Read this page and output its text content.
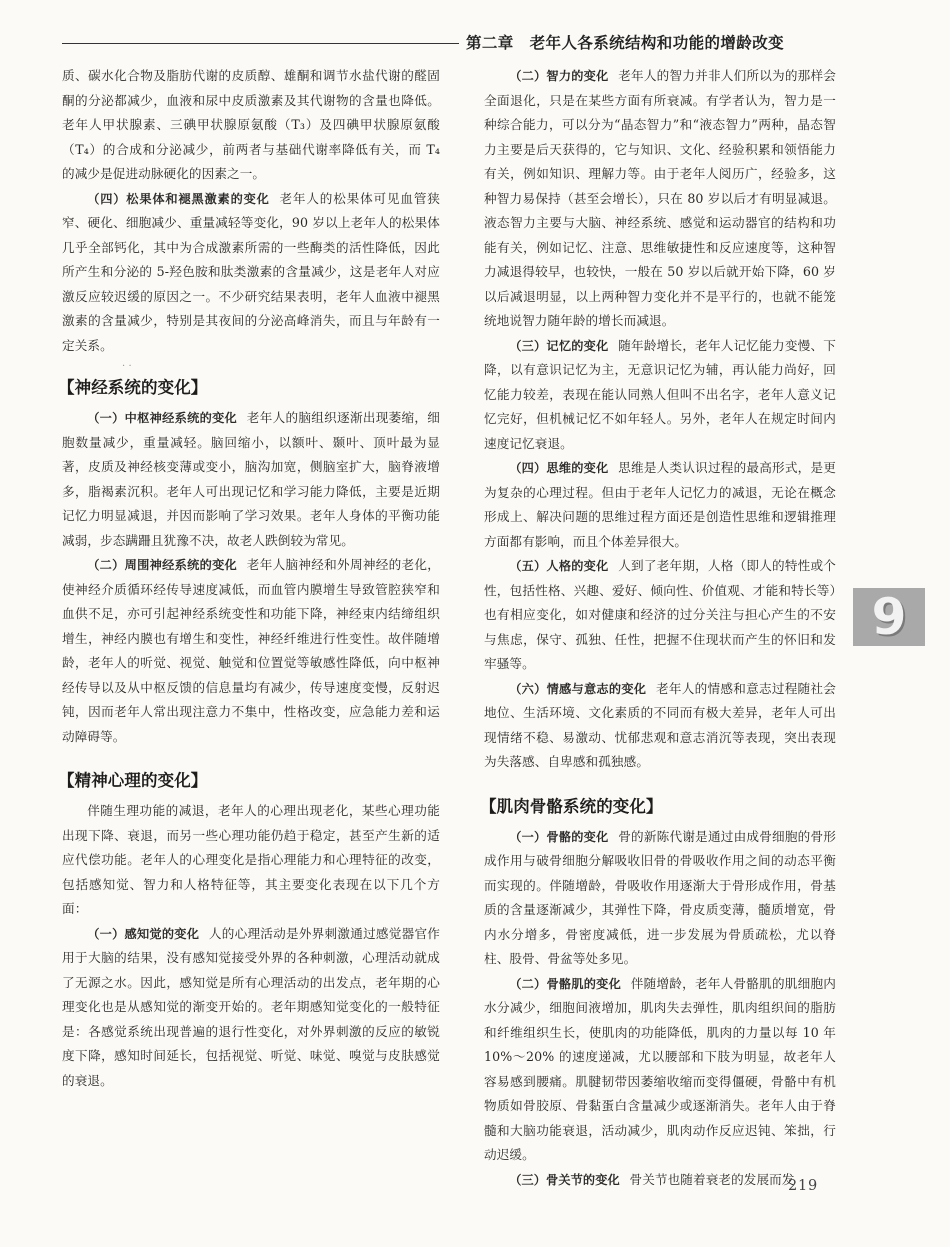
第二章　老年人各系统结构和功能的增龄改变

质、碳水化合物及脂肪代谢的皮质醇、雄酮和调节水盐代谢的醛固酮的分泌都减少，血液和尿中皮质激素及其代谢物的含量也降低。老年人甲状腺素、三碘甲状腺原氨酸（T₃）及四碘甲状腺原氨酸（T₄）的合成和分泌减少，前两者与基础代谢率降低有关，而 T₄ 的减少是促进动脉硬化的因素之一。

（四）松果体和褪黑激素的变化 老年人的松果体可见血管狭窄、硬化、细胞减少、重量减轻等变化，90 岁以上老年人的松果体几乎全部钙化，其中为合成激素所需的一些酶类的活性降低，因此所产生和分泌的 5-羟色胺和肽类激素的含量减少，这是老年人对应激反应较迟缓的原因之一。不少研究结果表明，老年人血液中褪黑激素的含量减少，特别是其夜间的分泌高峰消失，而且与年龄有一定关系。

· ·
【神经系统的变化】

（一）中枢神经系统的变化 老年人的脑组织逐渐出现萎缩，细胞数量减少，重量减轻。脑回缩小，以额叶、颞叶、顶叶最为显著，皮质及神经核变薄或变小，脑沟加宽，侧脑室扩大，脑脊液增多，脂褐素沉积。老年人可出现记忆和学习能力降低，主要是近期记忆力明显减退，并因而影响了学习效果。老年人身体的平衡功能减弱，步态蹒跚且犹豫不决，故老人跌倒较为常见。

（二）周围神经系统的变化 老年人脑神经和外周神经的老化，使神经介质循环经传导速度减低，而血管内膜增生导致管腔狭窄和血供不足，亦可引起神经系统变性和功能下降，神经束内结缔组织增生，神经内膜也有增生和变性，神经纤维进行性变性。故伴随增龄，老年人的听觉、视觉、触觉和位置觉等敏感性降低，向中枢神经传导以及从中枢反馈的信息量均有减少，传导速度变慢，反射迟钝，因而老年人常出现注意力不集中，性格改变，应急能力差和运动障碍等。

【精神心理的变化】

伴随生理功能的减退，老年人的心理出现老化，某些心理功能出现下降、衰退，而另一些心理功能仍趋于稳定，甚至产生新的适应代偿功能。老年人的心理变化是指心理能力和心理特征的改变，包括感知觉、智力和人格特征等，其主要变化表现在以下几个方面：

（一）感知觉的变化 人的心理活动是外界刺激通过感觉器官作用于大脑的结果，没有感知觉接受外界的各种刺激，心理活动就成了无源之水。因此，感知觉是所有心理活动的出发点，老年期的心理变化也是从感知觉的渐变开始的。老年期感知觉变化的一般特征是：各感觉系统出现普遍的退行性变化，对外界刺激的反应的敏锐度下降，感知时间延长，包括视觉、听觉、味觉、嗅觉与皮肤感觉的衰退。

（二）智力的变化 老年人的智力并非人们所以为的那样会全面退化，只是在某些方面有所衰减。有学者认为，智力是一种综合能力，可以分为“晶态智力”和“液态智力”两种，晶态智力主要是后天获得的，它与知识、文化、经验积累和领悟能力有关，例如知识、理解力等。由于老年人阅历广，经验多，这种智力易保持（甚至会增长），只在 80 岁以后才有明显减退。液态智力主要与大脑、神经系统、感觉和运动器官的结构和功能有关，例如记忆、注意、思维敏捷性和反应速度等，这种智力减退得较早，也较快，一般在 50 岁以后就开始下降，60 岁以后减退明显，以上两种智力变化并不是平行的，也就不能笼统地说智力随年龄的增长而减退。

（三）记忆的变化 随年龄增长，老年人记忆能力变慢、下降，以有意识记忆为主，无意识记忆为辅，再认能力尚好，回忆能力较差，表现在能认同熟人但叫不出名字，老年人意义记忆完好，但机械记忆不如年轻人。另外，老年人在规定时间内速度记忆衰退。

（四）思维的变化 思维是人类认识过程的最高形式，是更为复杂的心理过程。但由于老年人记忆力的减退，无论在概念形成上、解决问题的思维过程方面还是创造性思维和逻辑推理方面都有影响，而且个体差异很大。

（五）人格的变化 人到了老年期，人格（即人的特性或个性，包括性格、兴趣、爱好、倾向性、价值观、才能和特长等）也有相应变化，如对健康和经济的过分关注与担心产生的不安与焦虑，保守、孤独、任性，把握不住现状而产生的怀旧和发牢骚等。

（六）情感与意志的变化 老年人的情感和意志过程随社会地位、生活环境、文化素质的不同而有极大差异，老年人可出现情绪不稳、易激动、忧郁悲观和意志消沉等表现，突出表现为失落感、自卑感和孤独感。

【肌肉骨骼系统的变化】

（一）骨骼的变化 骨的新陈代谢是通过由成骨细胞的骨形成作用与破骨细胞分解吸收旧骨的骨吸收作用之间的动态平衡而实现的。伴随增龄，骨吸收作用逐渐大于骨形成作用，骨基质的含量逐渐减少，其弹性下降，骨皮质变薄，髓质增宽，骨内水分增多，骨密度减低，进一步发展为骨质疏松，尤以脊柱、股骨、骨盆等处多见。

（二）骨骼肌的变化 伴随增龄，老年人骨骼肌的肌细胞内水分减少，细胞间液增加，肌肉失去弹性，肌肉组织间的脂肪和纤维组织生长，使肌肉的功能降低，肌肉的力量以每 10 年 10%～20% 的速度递减，尤以腰部和下肢为明显，故老年人容易感到腰痛。肌腱韧带因萎缩收缩而变得僵硬，骨骼中有机物质如骨胶原、骨黏蛋白含量减少或逐渐消失。老年人由于脊髓和大脑功能衰退，活动减少，肌肉动作反应迟钝、笨拙，行动迟缓。

（三）骨关节的变化 骨关节也随着衰老的发展而发

9
219
